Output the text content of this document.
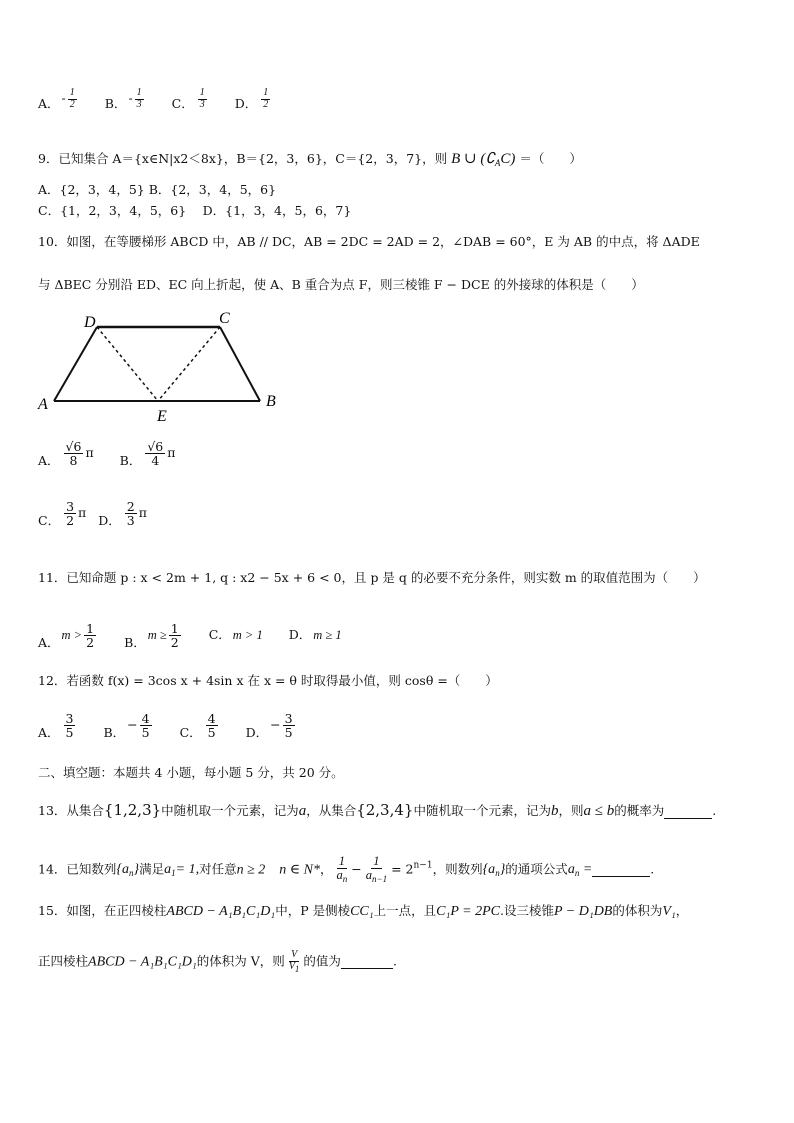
A． - $\frac{1}{2}$ B． - $\frac{1}{3}$ C． $\frac{1}{3}$ D． $\frac{1}{2}$
9．已知集合 A＝{x∈N|x2＜8x}，B＝{2，3，6}，C＝{2，3，7}，则 B ∪ $(∁_AC)$ ＝（　　）
A．{2，3，4，5} B．{2，3，4，5，6}
C．{1，2，3，4，5，6}　 D．{1，3，4，5，6，7}
10．如图，在等腰梯形 ABCD 中，AB // DC，AB = 2DC = 2AD = 2，∠DAB = 60°，E 为 AB 的中点，将 ΔADE
与 ΔBEC 分别沿 ED、EC 向上折起，使 A、B 重合为点 F，则三棱锥 F − DCE 的外接球的体积是（　　）
A	B
C
D
E
A． $\frac{√6}{8}$ π B． $\frac{√6}{4}$ π
C． $\frac{3}{2}$ π D． $\frac{2}{3}$ π
11．已知命题 p : x < 2m + 1, q : x2 − 5x + 6 < 0，且 p 是 q 的必要不充分条件，则实数 m 的取值范围为（　　）
A． $m > \frac{1}{2}$ B． $m \ge \frac{1}{2}$ C． m > 1 D． m ≥ 1
12．若函数 f(x) = 3cos x + 4sin x 在 x = θ 时取得最小值，则 cosθ =（　　）
A． $\frac{3}{5}$ B．− $\frac{4}{5}$ C． $\frac{4}{5}$ D．− $\frac{3}{5}$
二、填空题：本题共 4 小题，每小题 5 分，共 20 分。
13．从集合{1,2,3}中随机取一个元素，记为a，从集合{2,3,4}中随机取一个元素，记为b，则a ≤ b的概率为	.
14．已知数列$\{a_n\}$满足$a_1= 1$,对任意n ≥ 2　n ∈ N*， $\frac{1}{a_n} - \frac{1}{a_{n-1}} = 2^{n-1}$，则数列$\{a_n\}$的通项公式$a_n$ =	.
15．如图，在正四棱柱ABCD − A₁B₁C₁D₁中，P 是侧棱CC₁上一点，且C₁P = 2PC.设三棱锥P − D₁DB的体积为V₁，
正四棱柱ABCD − A₁B₁C₁D₁的体积为 V，则 $\frac{V}{V1}$ 的值为	.
